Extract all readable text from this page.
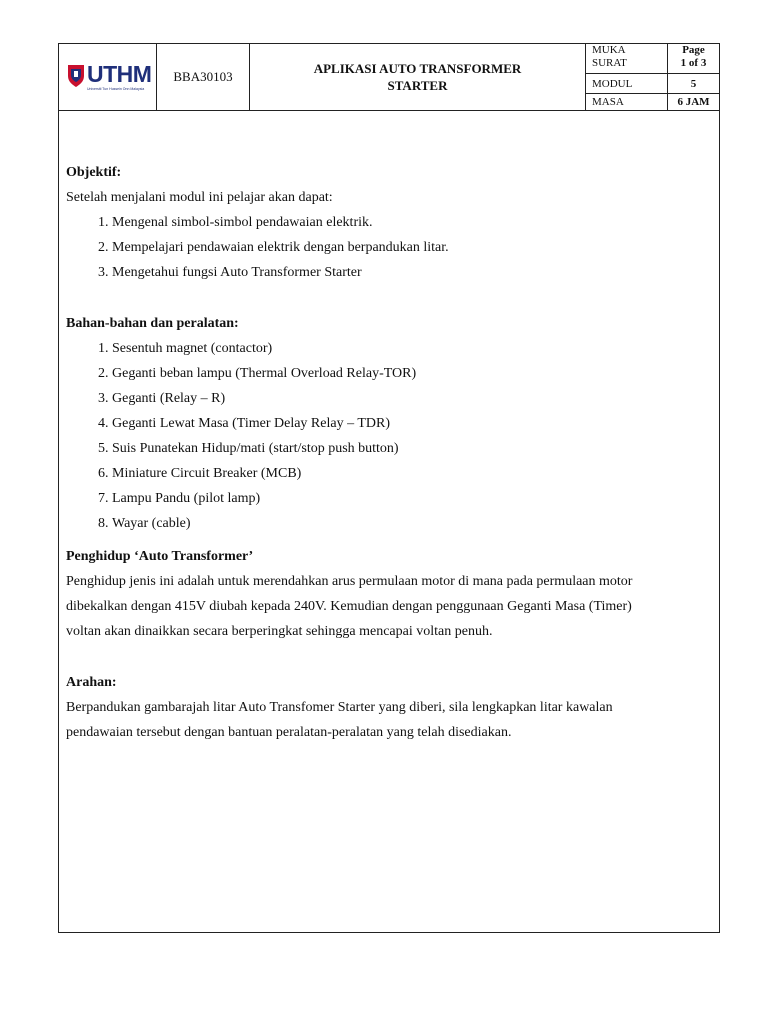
UTHM
Universiti Tun Hussein Onn Malaysia
BBA30103
APLIKASI AUTO TRANSFORMER
STARTER
MUKA
SURAT
Page
1 of 3
MODUL	5
MASA	6 JAM

Objektif:

Setelah menjalani modul ini pelajar akan dapat:

1. Mengenal simbol-simbol pendawaian elektrik.
2. Mempelajari pendawaian elektrik dengan berpandukan litar.
3. Mengetahui fungsi Auto Transformer Starter

Bahan-bahan dan peralatan:

1. Sesentuh magnet (contactor)
2. Geganti beban lampu (Thermal Overload Relay-TOR)
3. Geganti (Relay – R)
4. Geganti Lewat Masa (Timer Delay Relay – TDR)
5. Suis Punatekan Hidup/mati (start/stop push button)
6. Miniature Circuit Breaker (MCB)
7. Lampu Pandu (pilot lamp)
8. Wayar (cable)

Penghidup ‘Auto Transformer’

Penghidup jenis ini adalah untuk merendahkan arus permulaan motor di mana pada permulaan motor

dibekalkan dengan 415V diubah kepada 240V. Kemudian dengan penggunaan Geganti Masa (Timer)

voltan akan dinaikkan secara berperingkat sehingga mencapai voltan penuh.

Arahan:

Berpandukan gambarajah litar Auto Transfomer Starter yang diberi, sila lengkapkan litar kawalan

pendawaian tersebut dengan bantuan peralatan-peralatan yang telah disediakan.
